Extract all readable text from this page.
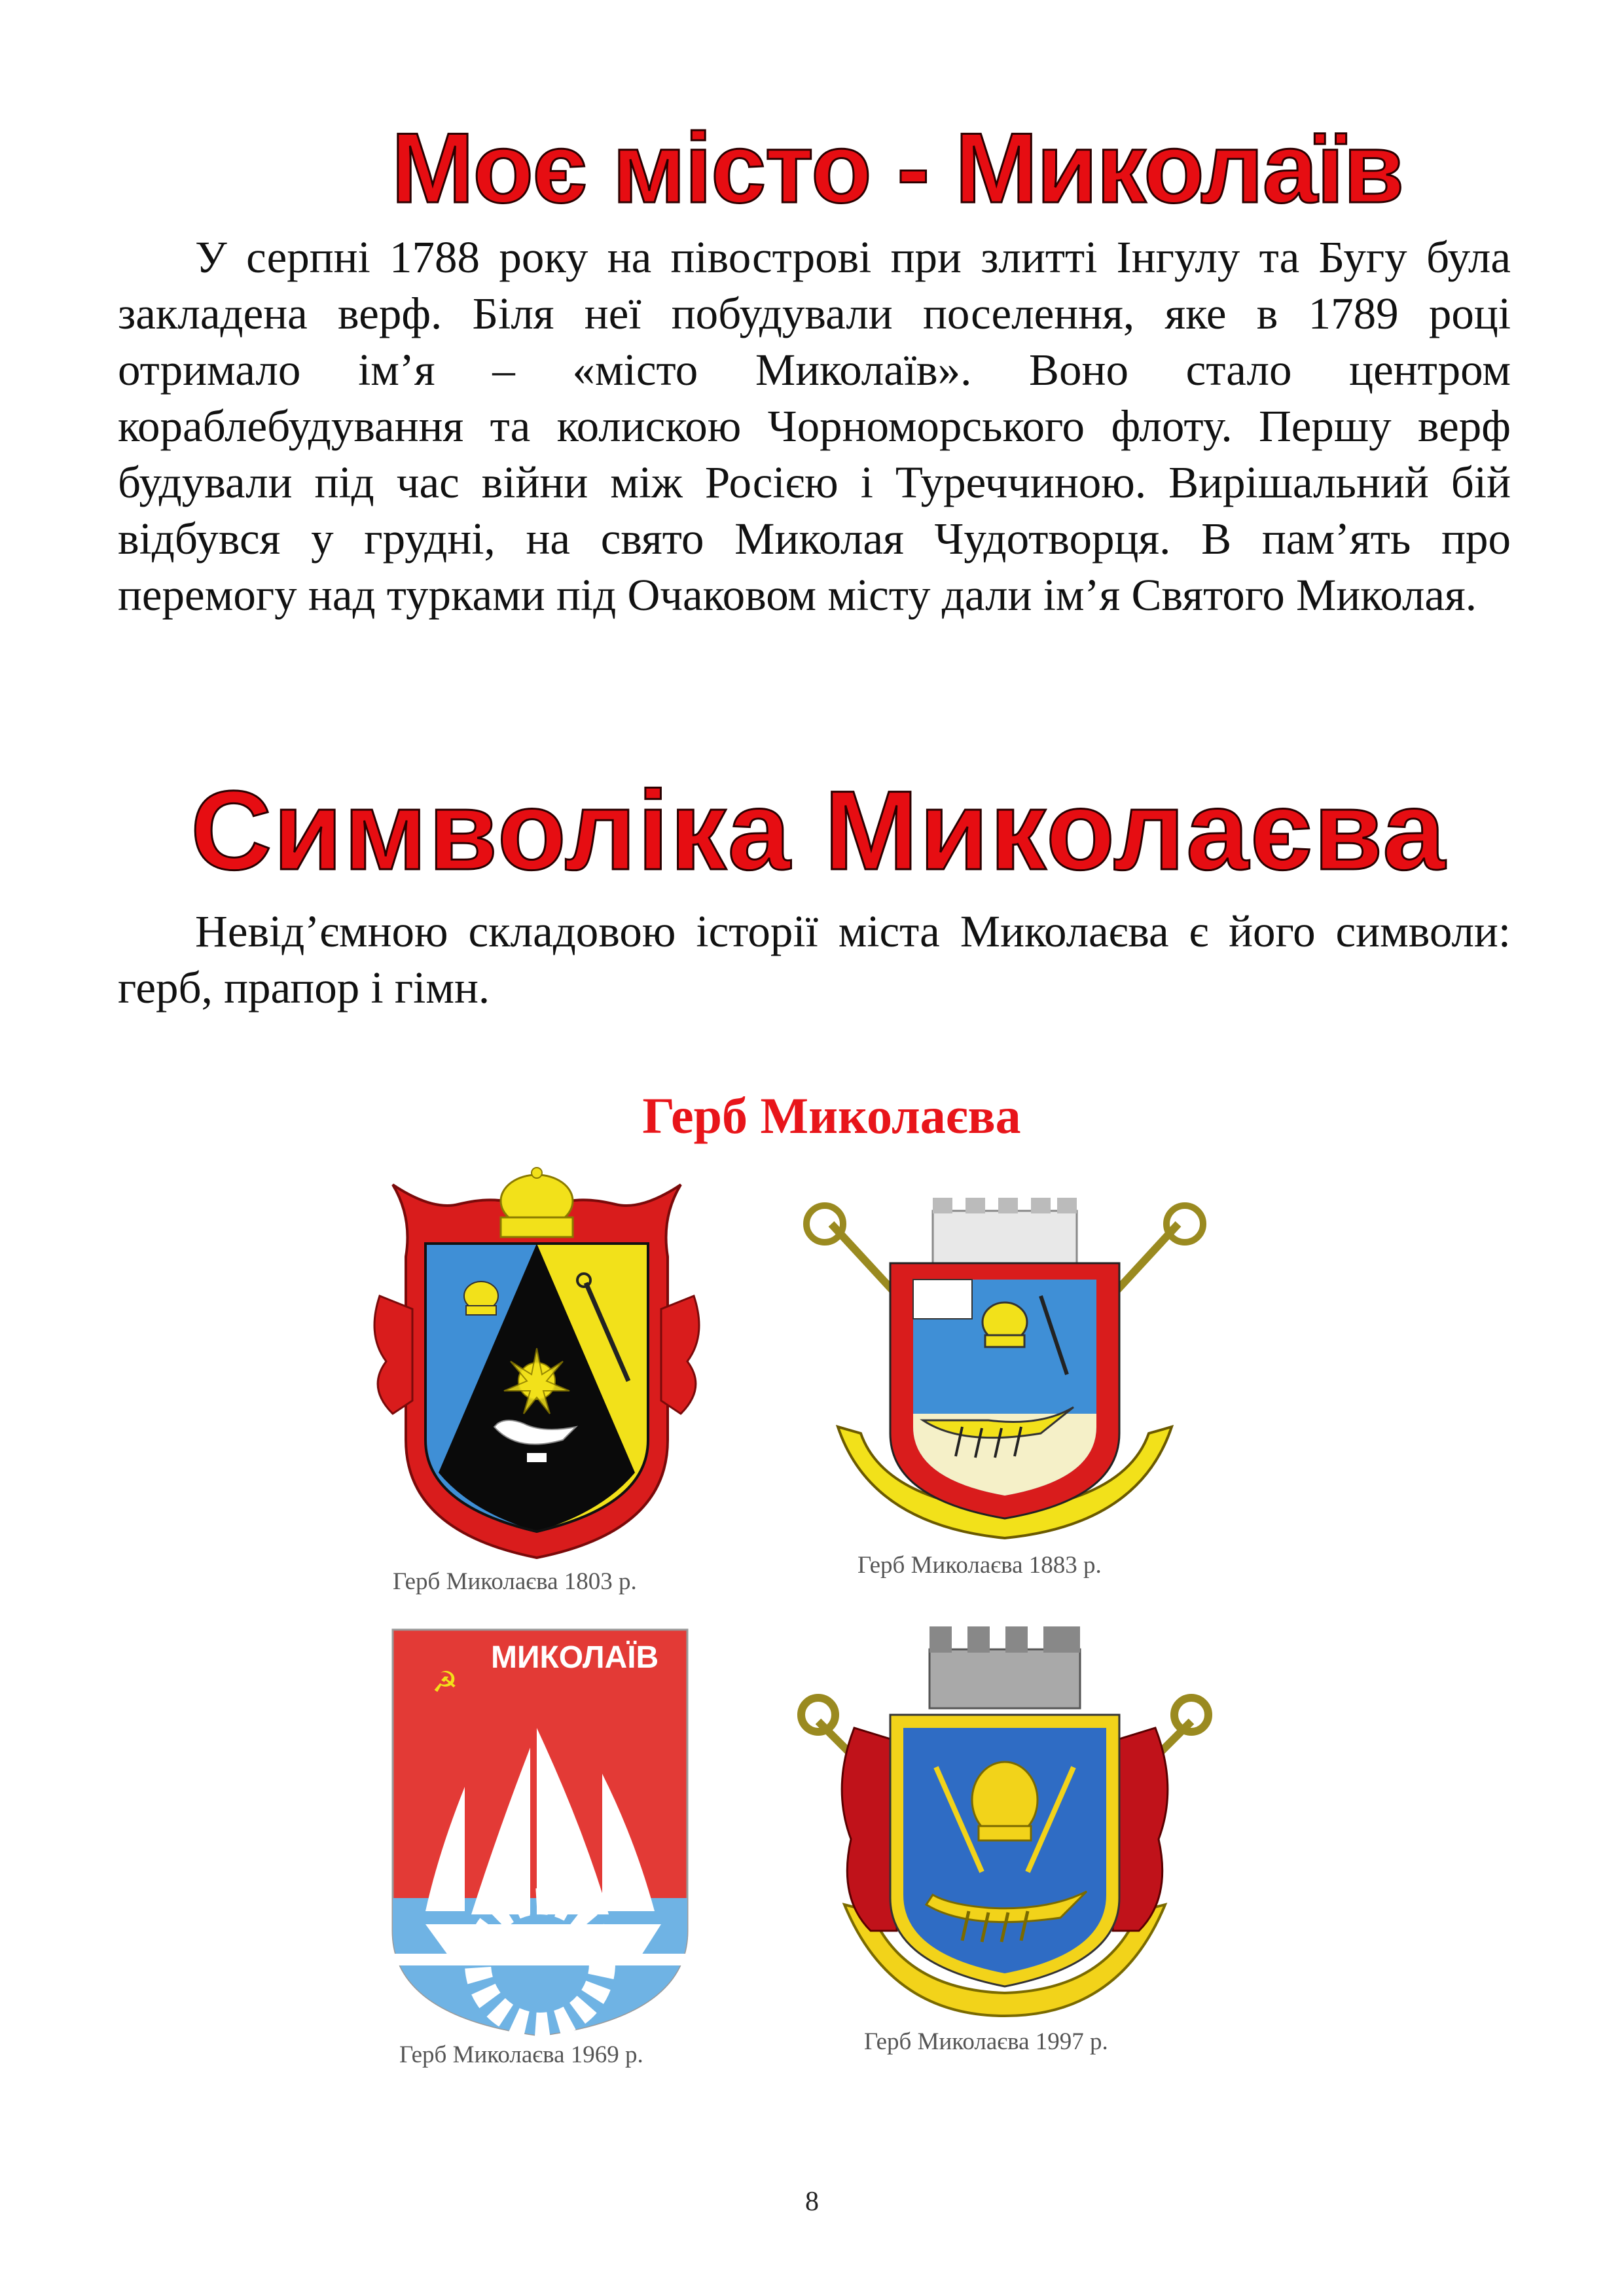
Моє місто - Миколаїв

У серпні 1788 року на півострові при злитті Інгулу та Бугу була закладена верф. Біля неї побудували поселення, яке в 1789 році отримало ім’я – «місто Миколаїв». Воно стало центром кораблебудування та колискою Чорноморського флоту. Першу верф будували під час війни між Росією і Туреччиною. Вирішальний бій відбувся у грудні, на свято Миколая Чудотворця. В пам’ять про перемогу над турками під Очаковом місту дали ім’я Святого Миколая.

Символіка Миколаєва

Невід’ємною складовою історії міста Миколаєва є його символи: герб, прапор і гімн.

Герб Миколаєва
☭
МИКОЛАЇВ
Герб Миколаєва 1803 р.
Герб Миколаєва 1883 р.
Герб Миколаєва 1969 р.	Герб Миколаєва 1997 р.
8
